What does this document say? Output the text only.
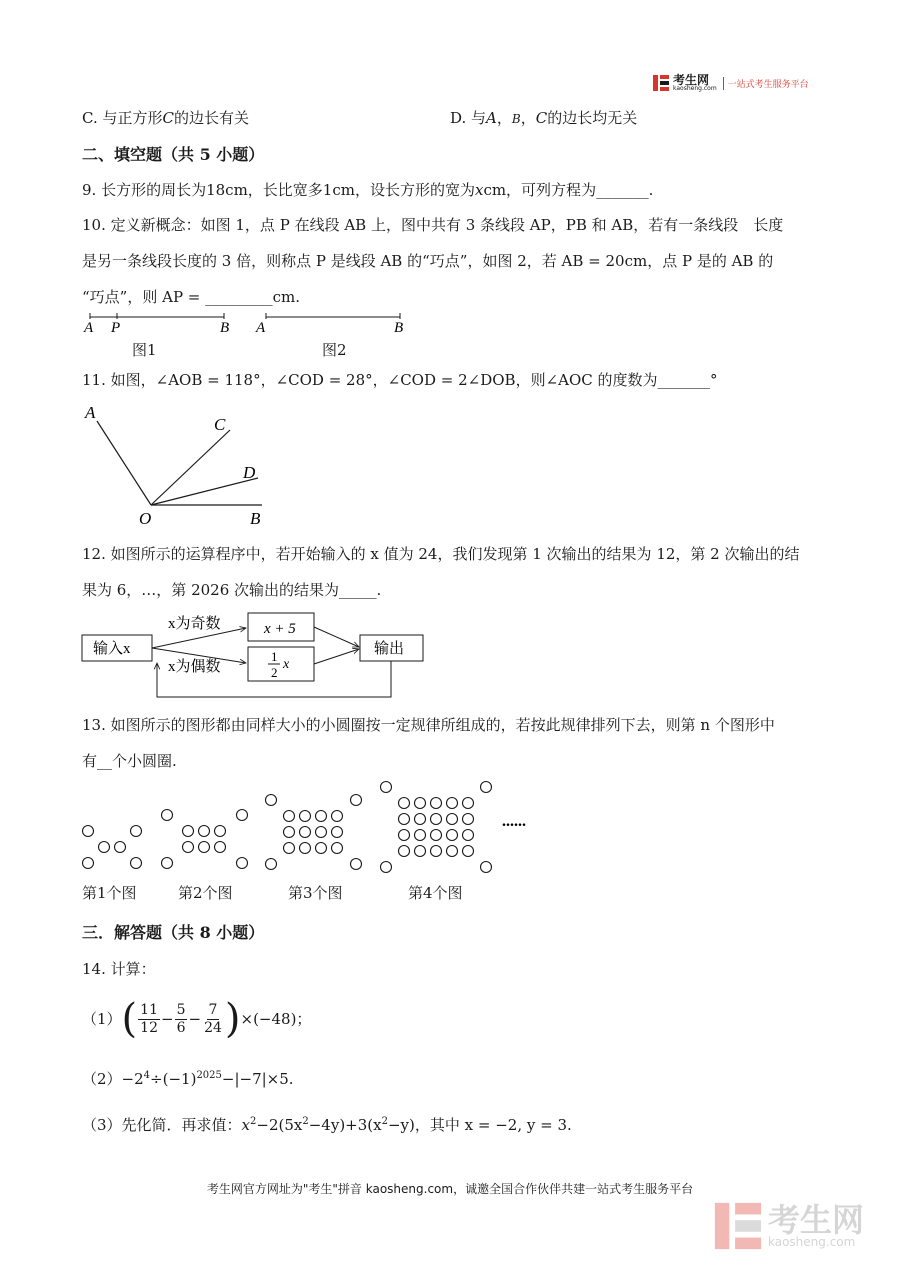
考生网
kaosheng.com	一站式考生服务平台
C. 与正方形C的边长有关	D. 与A，B，C的边长均无关
二、填空题（共 5 小题）
9. 长方形的周长为18cm，长比宽多1cm，设长方形的宽为xcm，可列方程为_______.
10. 定义新概念：如图 1，点 P 在线段 AB 上，图中共有 3 条线段 AP，PB 和 AB，若有一条线段　长度
是另一条线段长度的 3 倍，则称点 P 是线段 AB 的“巧点”，如图 2，若 AB = 20cm，点 P 是的 AB 的
“巧点”，则 AP = _________cm.
A P	B A	B
图1	图2
11. 如图，∠AOB = 118°，∠COD = 28°，∠COD = 2∠DOB，则∠AOC 的度数为_______°
A
C
D
O	B
12. 如图所示的运算程序中，若开始输入的 x 值为 24，我们发现第 1 次输出的结果为 12，第 2 次输出的结
果为 6，…，第 2026 次输出的结果为_____.
输入x
x为奇数
x为偶数
x + 5
1
2
x
输出
13. 如图所示的图形都由同样大小的小圆圈按一定规律所组成的，若按此规律排列下去，则第 n 个图形中
有__个小圆圈.
......
第1个图	第2个图	第3个图	第4个图
三．解答题（共 8 小题）
14. 计算：
（1） ( $\frac{11}{12} - \frac{5}{6} - \frac{7}{24}$ ) ×(−48)；
$(2)-2^4\div(-1)^{2025}-|-7|\times 5$.
（3）先化简．再求值：$x^2-2(5x^2-4y)+3(x^2-y)$，其中 x = −2, y = 3.
考生网官方网址为"考生"拼音 kaosheng.com，诚邀全国合作伙伴共建一站式考生服务平台
考生网
kaosheng.com
